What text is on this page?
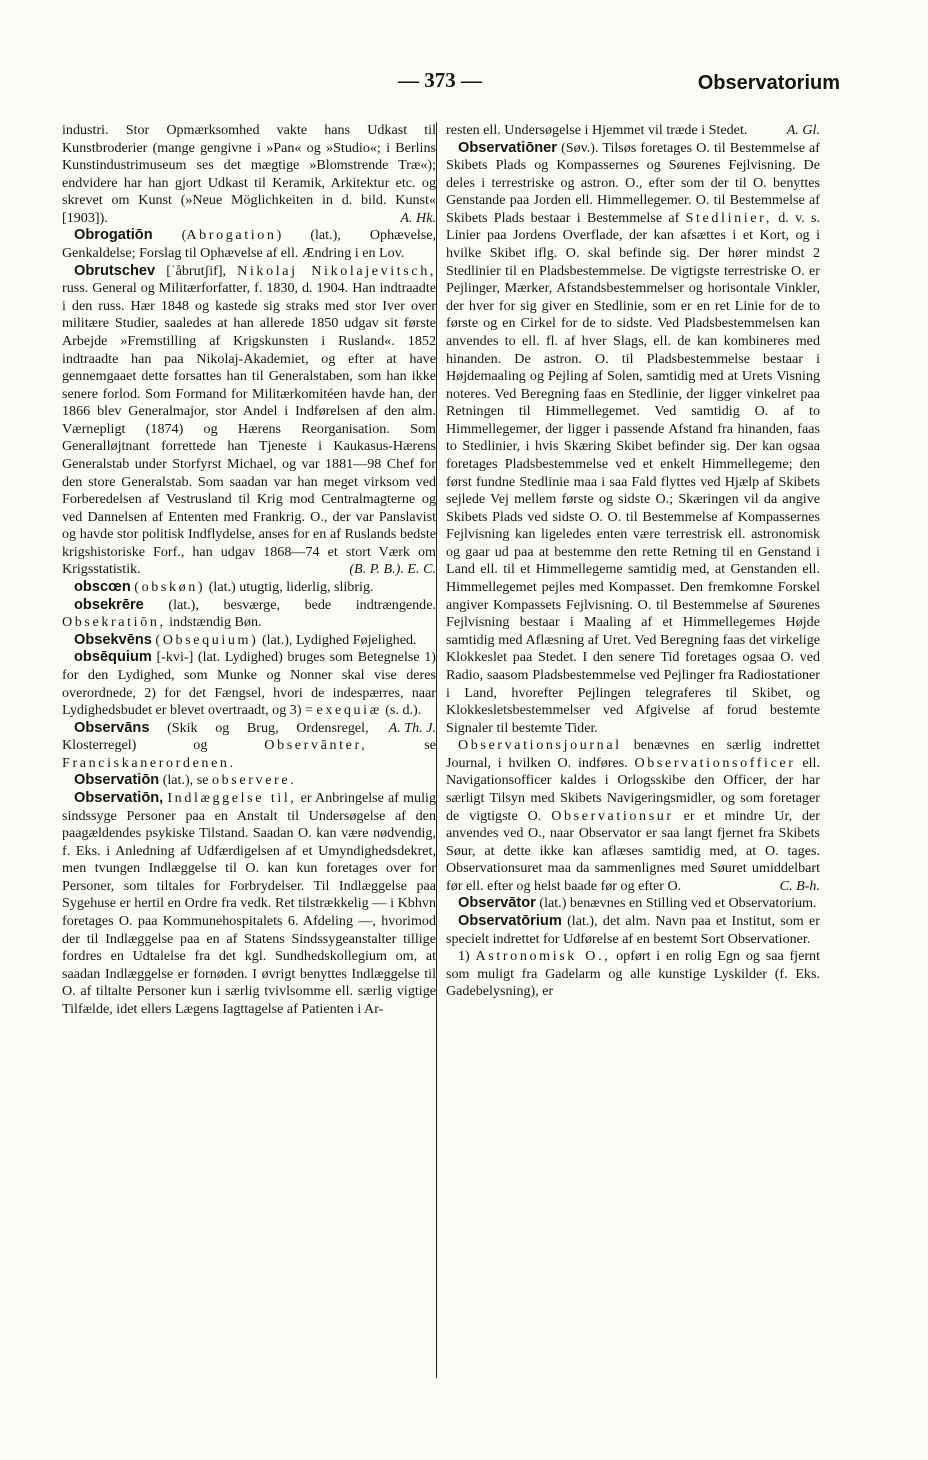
— 373 —	Observatorium

industri. Stor Opmærksomhed vakte hans Udkast til Kunstbroderier (mange gengivne i »Pan« og »Studio«; i Berlins Kunstindustrimuseum ses det mægtige »Blomstrende Træ«); endvidere har han gjort Udkast til Keramik, Arkitektur etc. og skrevet om Kunst (»Neue Möglichkeiten in d. bild. Kunst« [1903]).	A. Hk.

Obrogatiōn (Abrogation) (lat.), Ophævelse, Genkaldelse; Forslag til Ophævelse af ell. Ændring i en Lov.

Obrutschev [ˈåbrutʃif], Nikolaj Nikolajevitsch, russ. General og Militærforfatter, f. 1830, d. 1904. Han indtraadte i den russ. Hær 1848 og kastede sig straks med stor Iver over militære Studier, saaledes at han allerede 1850 udgav sit første Arbejde »Fremstilling af Krigskunsten i Rusland«. 1852 indtraadte han paa Nikolaj-Akademiet, og efter at have gennemgaaet dette forsattes han til Generalstaben, som han ikke senere forlod. Som Formand for Militærkomitéen havde han, der 1866 blev Generalmajor, stor Andel i Indførelsen af den alm. Værnepligt (1874) og Hærens Reorganisation. Som Generalløjtnant forrettede han Tjeneste i Kaukasus-Hærens Generalstab under Storfyrst Michael, og var 1881—98 Chef for den store Generalstab. Som saadan var han meget virksom ved Forberedelsen af Vestrusland til Krig mod Centralmagterne og ved Dannelsen af Ententen med Frankrig. O., der var Panslavist og havde stor politisk Indflydelse, anses for en af Ruslands bedste krigshistoriske Forf., han udgav 1868—74 et stort Værk om Krigsstatistik.	(B. P. B.). E. C.

obscœn (obskøn) (lat.) utugtig, liderlig, slibrig.

obsekrēre (lat.), besværge, bede indtrængende. Obsekratiōn, indstændig Bøn.

Obsekvēns (Obsequium) (lat.), Lydighed Føjelighed.

obsēquium [-kvi-] (lat. Lydighed) bruges som Betegnelse 1) for den Lydighed, som Munke og Nonner skal vise deres overordnede, 2) for det Fængsel, hvori de indespærres, naar Lydighedsbudet er blevet overtraadt, og 3) = exequiæ (s. d.).
A. Th. J.

Observāns (Skik og Brug, Ordensregel, Klosterregel) og	Observānter,	se Franciskanerordenen.

Observatiōn (lat.), se observere.

Observatiōn, Indlæggelse til, er Anbringelse af mulig sindssyge Personer paa en Anstalt til Undersøgelse af den paagældendes psykiske Tilstand. Saadan O. kan være nødvendig, f. Eks. i Anledning af Udfærdigelsen af et Umyndighedsdekret, men tvungen Indlæggelse til O. kan kun foretages over for Personer, som tiltales for Forbrydelser. Til Indlæggelse paa Sygehuse er hertil en Ordre fra vedk. Ret tilstrækkelig — i Kbhvn foretages O. paa Kommunehospitalets 6. Afdeling —, hvorimod der til Indlæggelse paa en af Statens Sindssygeanstalter tillige fordres en Udtalelse fra det kgl. Sundhedskollegium om, at saadan Indlæggelse er fornøden. I øvrigt benyttes Indlæggelse til O. af tiltalte Personer kun i særlig tvivlsomme ell. særlig vigtige Tilfælde, idet ellers Lægens Iagttagelse af Patienten i Ar-

resten ell. Undersøgelse i Hjemmet vil træde i Stedet.	A. Gl.

Observatiōner (Søv.). Tilsøs foretages O. til Bestemmelse af Skibets Plads og Kompassernes og Søurenes Fejlvisning. De deles i terrestriske og astron. O., efter som der til O. benyttes Genstande paa Jorden ell. Himmellegemer. O. til Bestemmelse af Skibets Plads bestaar i Bestemmelse af Stedlinier, d. v. s. Linier paa Jordens Overflade, der kan afsættes i et Kort, og i hvilke Skibet iflg. O. skal befinde sig. Der hører mindst 2 Stedlinier til en Pladsbestemmelse. De vigtigste terrestriske O. er Pejlinger, Mærker, Afstandsbestemmelser og horisontale Vinkler, der hver for sig giver en Stedlinie, som er en ret Linie for de to første og en Cirkel for de to sidste. Ved Pladsbestemmelsen kan anvendes to ell. fl. af hver Slags, ell. de kan kombineres med hinanden. De astron. O. til Pladsbestemmelse bestaar i Højdemaaling og Pejling af Solen, samtidig med at Urets Visning noteres. Ved Beregning faas en Stedlinie, der ligger vinkelret paa Retningen til Himmellegemet. Ved samtidig O. af to Himmellegemer, der ligger i passende Afstand fra hinanden, faas to Stedlinier, i hvis Skæring Skibet befinder sig. Der kan ogsaa foretages Pladsbestemmelse ved et enkelt Himmellegeme; den først fundne Stedlinie maa i saa Fald flyttes ved Hjælp af Skibets sejlede Vej mellem første og sidste O.; Skæringen vil da angive Skibets Plads ved sidste O. O. til Bestemmelse af Kompassernes Fejlvisning kan ligeledes enten være terrestrisk ell. astronomisk og gaar ud paa at bestemme den rette Retning til en Genstand i Land ell. til et Himmellegeme samtidig med, at Genstanden ell. Himmellegemet pejles med Kompasset. Den fremkomne Forskel angiver Kompassets Fejlvisning. O. til Bestemmelse af Søurenes Fejlvisning bestaar i Maaling af et Himmellegemes Højde samtidig med Aflæsning af Uret. Ved Beregning faas det virkelige Klokkeslet paa Stedet. I den senere Tid foretages ogsaa O. ved Radio, saasom Pladsbestemmelse ved Pejlinger fra Radiostationer i Land, hvorefter Pejlingen telegraferes til Skibet, og Klokkesletsbestemmelser ved Afgivelse af forud bestemte Signaler til bestemte Tider.

Observationsjournal benævnes en særlig indrettet Journal, i hvilken O. indføres. Observationsofficer ell. Navigationsofficer kaldes i Orlogsskibe den Officer, der har særligt Tilsyn med Skibets Navigeringsmidler, og som foretager de vigtigste O. Observationsur er et mindre Ur, der anvendes ved O., naar Observator er saa langt fjernet fra Skibets Søur, at dette ikke kan aflæses samtidig med, at O. tages. Observationsuret maa da sammenlignes med Søuret umiddelbart før ell. efter og helst baade før og efter O.	C. B-h.

Observātor (lat.) benævnes en Stilling ved et Observatorium.

Observatōrium (lat.), det alm. Navn paa et Institut, som er specielt indrettet for Udførelse af en bestemt Sort Observationer.

1) Astronomisk O., opført i en rolig Egn og saa fjernt som muligt fra Gadelarm og alle kunstige Lyskilder (f. Eks. Gadebelysning), er
